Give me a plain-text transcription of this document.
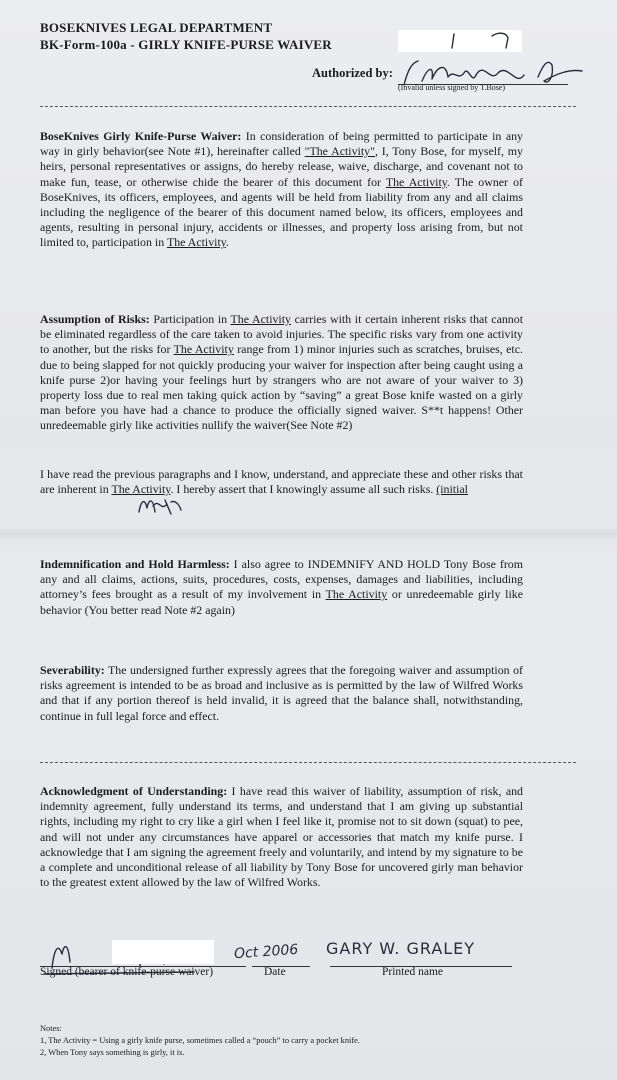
BOSEKNIVES LEGAL DEPARTMENT
BK-Form-100a - GIRLY KNIFE-PURSE WAIVER
Authorized by:
(Invalid unless signed by T.Bose)
BoseKnives Girly Knife-Purse Waiver: In consideration of being permitted to participate in any way in girly behavior(see Note #1), hereinafter called "The Activity", I, Tony Bose, for myself, my heirs, personal representatives or assigns, do hereby release, waive, discharge, and covenant not to make fun, tease, or otherwise chide the bearer of this document for The Activity. The owner of BoseKnives, its officers, employees, and agents will be held from liability from any and all claims including the negligence of the bearer of this document named below, its officers, employees and agents, resulting in personal injury, accidents or illnesses, and property loss arising from, but not limited to, participation in The Activity.
Assumption of Risks: Participation in The Activity carries with it certain inherent risks that cannot be eliminated regardless of the care taken to avoid injuries. The specific risks vary from one activity to another, but the risks for The Activity range from 1) minor injuries such as scratches, bruises, etc. due to being slapped for not quickly producing your waiver for inspection after being caught using a knife purse 2)or having your feelings hurt by strangers who are not aware of your waiver to 3) property loss due to real men taking quick action by “saving” a great Bose knife wasted on a girly man before you have had a chance to produce the officially signed waiver. S**t happens! Other unredeemable girly like activities nullify the waiver(See Note #2)
I have read the previous paragraphs and I know, understand, and appreciate these and other risks that are inherent in The Activity. I hereby assert that I knowingly assume all such risks. (initial
Indemnification and Hold Harmless: I also agree to INDEMNIFY AND HOLD Tony Bose from any and all claims, actions, suits, procedures, costs, expenses, damages and liabilities, including attorney’s fees brought as a result of my involvement in The Activity or unredeemable girly like behavior (You better read Note #2 again)
Severability: The undersigned further expressly agrees that the foregoing waiver and assumption of risks agreement is intended to be as broad and inclusive as is permitted by the law of Wilfred Works and that if any portion thereof is held invalid, it is agreed that the balance shall, notwithstanding, continue in full legal force and effect.
Acknowledgment of Understanding: I have read this waiver of liability, assumption of risk, and indemnity agreement, fully understand its terms, and understand that I am giving up substantial rights, including my right to cry like a girl when I feel like it, promise not to sit down (squat) to pee, and will not under any circumstances have apparel or accessories that match my knife purse. I acknowledge that I am signing the agreement freely and voluntarily, and intend by my signature to be a complete and unconditional release of all liability by Tony Bose for uncovered girly man behavior to the greatest extent allowed by the law of Wilfred Works.
Oct 2006 GARY W. GRALEY
Signed (bearer of knife-purse waiver)	Date	Printed name
Notes:
1, The Activity = Using a girly knife purse, sometimes called a “pouch” to carry a pocket knife.
2, When Tony says something is girly, it is.
